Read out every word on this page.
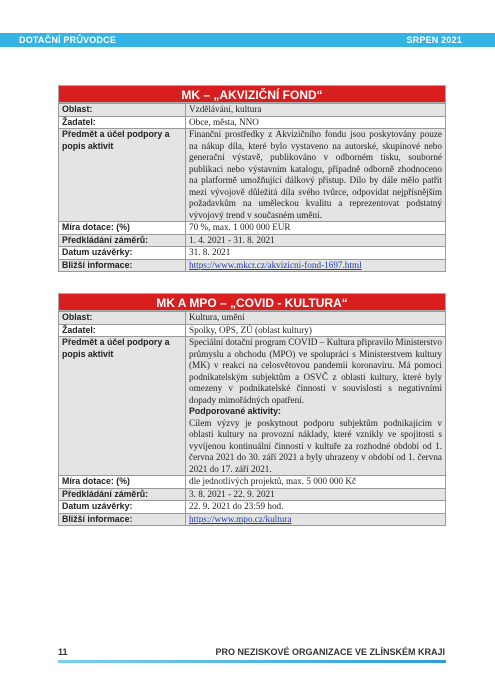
DOTAČNÍ PRŮVODCE	SRPEN 2021
MK – „AKVIZIČNÍ FOND“
Oblast:	Vzdělávání, kultura
Žadatel:	Obce, města, NNO
Předmět a účel podpory a popis aktivit	Finanční prostředky z Akvizičního fondu jsou poskytovány pouze na nákup díla, které bylo vystaveno na autorské, skupinové nebo generační výstavě, publikováno v odborném tisku, souborné publikaci nebo výstavním katalogu, případně odborně zhodnoceno na platformě umožňující dálkový přístup. Dílo by dále mělo patřit mezi vývojově důležitá díla svého tvůrce, odpovídat nejpřísnějším požadavkům na uměleckou kvalitu a reprezentovat podstatný vývojový trend v současném umění.
Míra dotace: (%)	70 %, max. 1 000 000 EUR
Předkládání záměrů:	1. 4. 2021 - 31. 8. 2021
Datum uzávěrky:	31. 8. 2021
Bližší informace:	https://www.mkcr.cz/akvizicni-fond-1697.html
MK A MPO – „COVID - KULTURA“
Oblast:	Kultura, umění
Žadatel:	Spolky, OPS, ZÚ (oblast kultury)
Předmět a účel podpory a popis aktivit	Speciální dotační program COVID – Kultura připravilo Ministerstvo průmyslu a obchodu (MPO) ve spolupráci s Ministerstvem kultury (MK) v reakci na celosvětovou pandemii koronaviru. Má pomoci podnikatelským subjektům a OSVČ z oblasti kultury, které byly omezeny v podnikatelské činnosti v souvislosti s negativními dopady mimořádných opatření.
Podporované aktivity:
Cílem výzvy je poskytnout podporu subjektům podnikajícím v oblasti kultury na provozní náklady, které vznikly ve spojitosti s vyvíjenou kontinuální činností v kultuře za rozhodné období od 1. června 2021 do 30. září 2021 a byly uhrazeny v období od 1. června 2021 do 17. září 2021.

Míra dotace: (%)	dle jednotlivých projektů, max. 5 000 000 Kč
Předkládání záměrů:	3. 8. 2021 - 22. 9. 2021
Datum uzávěrky:	22. 9. 2021 do 23:59 hod.
Bližší informace:	https://www.mpo.cz/kultura
11	PRO NEZISKOVÉ ORGANIZACE VE ZLÍNSKÉM KRAJI
